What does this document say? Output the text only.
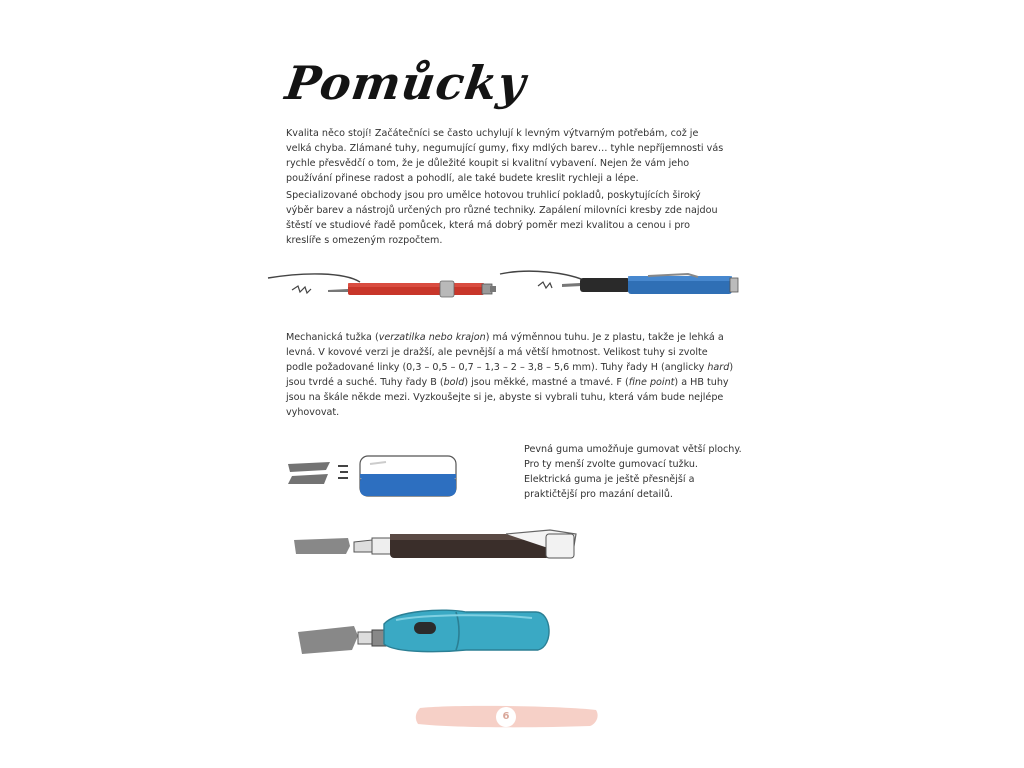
Pomůcky
Kvalita něco stojí! Začátečníci se často uchylují k levným výtvarným potřebám, což je velká chyba. Zlámané tuhy, negumující gumy, fixy mdlých barev… tyhle nepříjemnosti vás rychle přesvědčí o tom, že je důležité koupit si kvalitní vybavení. Nejen že vám jeho používání přinese radost a pohodlí, ale také budete kreslit rychleji a lépe.
Specializované obchody jsou pro umělce hotovou truhlicí pokladů, poskytujících široký výběr barev a nástrojů určených pro různé techniky. Zapálení milovníci kresby zde najdou štěstí ve studiové řadě pomůcek, která má dobrý poměr mezi kvalitou a cenou i pro kreslíře s omezeným rozpočtem.
Mechanická tužka (verzatilka nebo krajon) má výměnnou tuhu. Je z plastu, takže je lehká a levná. V kovové verzi je dražší, ale pevnější a má větší hmotnost. Velikost tuhy si zvolte podle požadované linky (0,3 – 0,5 – 0,7 – 1,3 – 2 – 3,8 – 5,6 mm). Tuhy řady H (anglicky hard) jsou tvrdé a suché. Tuhy řady B (bold) jsou měkké, mastné a tmavé. F (fine point) a HB tuhy jsou na škále někde mezi. Vyzkoušejte si je, abyste si vybrali tuhu, která vám bude nejlépe vyhovovat.
Pevná guma umožňuje gumovat větší plochy. Pro ty menší zvolte gumovací tužku. Elektrická guma je ještě přesnější a praktičtější pro mazání detailů.
6
